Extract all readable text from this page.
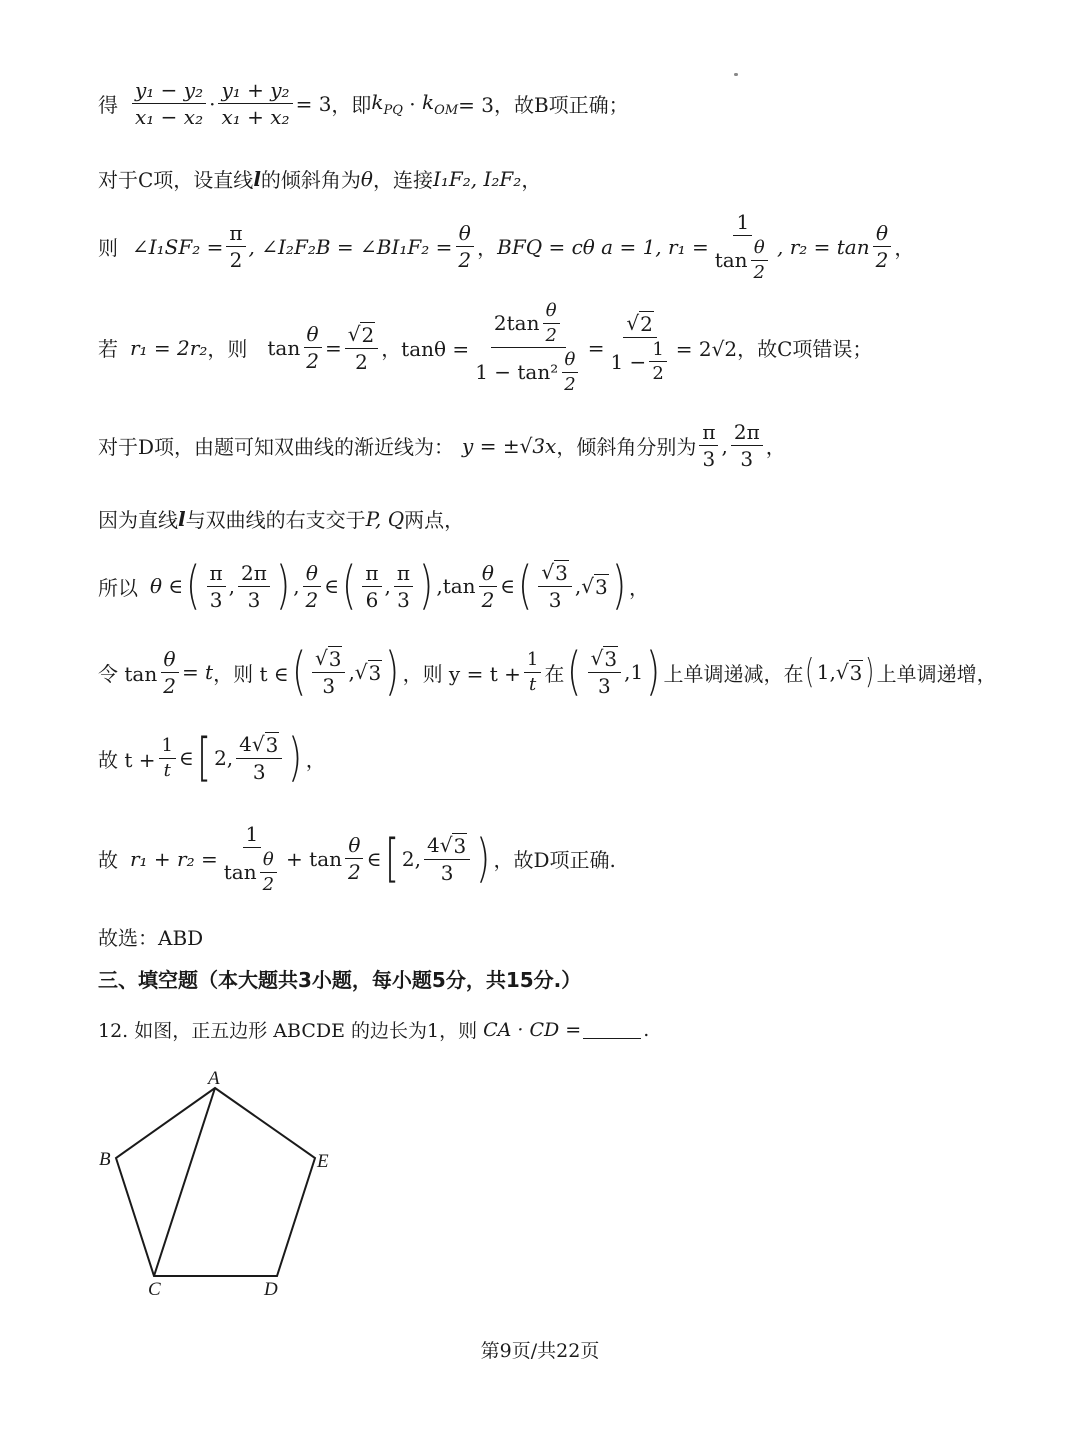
得 $\frac{\text{y₁ − y₂}}{\text{x₁ − x₂}} \cdot \frac{\text{y₁ + y₂}}{\text{x₁ + x₂}} = 3$ ，即 $k_{PQ} \cdot k_{OM} = 3$，故B项正确；
对于C项，设直线 l 的倾斜角为 θ ，连接 I₁F₂, I₂F₂ ，
则 ∠I₁SF₂ = $\frac{\pi}{2}$ , ∠I₂F₂B = ∠BI₁F₂ = $\frac{\theta}{2}$ ， BFQ = cθ a = 1, $r_1 = \frac{1}{\tan \frac{\theta}{2}}$ , $r_2 = \tan \frac{\theta}{2}$ ，
若 r₁ = 2r₂ ，则 $\tan \frac{\theta}{2} = \frac{√ 2}{2}$ ，$\tan\theta = \frac{2\tan \frac{\theta}{2}}{1 - \tan^2 \frac{\theta}{2}} = \frac{√ 2}{1 - \frac{1}{2}} = 2√2$，故C项错误；
对于D项，由题可知双曲线的渐近线为： y = ±√3x ，倾斜角分别为 $\frac{\pi}{3}$ , $\frac{2\pi}{3}$ ，
因为直线 l 与双曲线的右支交于 P, Q 两点，
所以 θ ∈ ( $\frac{\pi}{3}$ , $\frac{2\pi}{3}$ ) , $\frac{\theta}{2}$ ∈ ( $\frac{\pi}{6}$ , $\frac{\pi}{3}$ ) , $\tan \frac{\theta}{2}$ ∈ ( $\frac{√ 3}{3}$ , √ 3 ) ，
令 $\tan \frac{\theta}{2} = t$ ，则 t ∈ ( $\frac{√ 3}{3}$ , √ 3 ) ，则 $y = t + \frac{1}{t}$ 在 ( $\frac{√ 3}{3} ,1$ ) 上单调递减，在 ( 1, √ 3 ) 上单调递增，
故 $t + \frac{1}{t}$ ∈ [ 2, $\frac{4 √ 3}{3}$ ) ，
故 $r_1 + r_2 = \frac{1}{\tan \frac{\theta}{2}} + \tan \frac{\theta}{2}$ ∈ [ 2, $\frac{4 √ 3}{3}$ ) ，故D项正确.
故选：ABD
三、填空题（本大题共3小题，每小题5分，共15分.）
12. 如图，正五边形 ABCDE 的边长为1，则 CA · CD =	.
A
B
C	D
E
第9页/共22页
